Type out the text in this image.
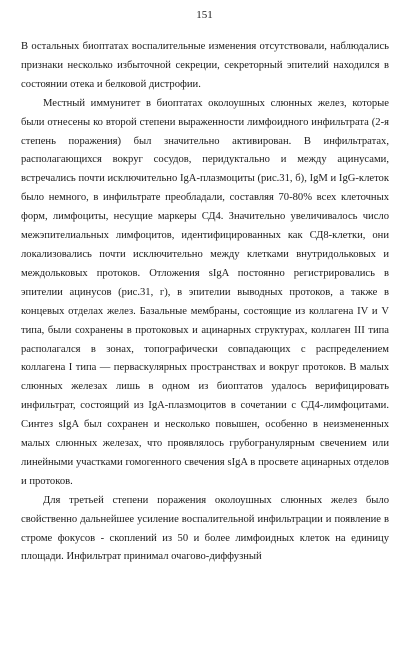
151

В остальных биоптатах воспалительные изменения отсутствовали, наблюдались признаки несколько избыточной секреции, секреторный эпителий находился в состоянии отека и белковой дистрофии.

Местный иммунитет в биоптатах околоушных слюнных желез, которые были отнесены ко второй степени выраженности лимфоидного инфильтрата (2-я степень поражения) был значительно активирован. В инфильтратах, располагающихся вокруг сосудов, перидуктально и между ацинусами, встречались почти исключительно IgA-плазмоциты (рис.31, б), IgM и IgG-клеток было немного, в инфильтрате преобладали, составляя 70-80% всех клеточных форм, лимфоциты, несущие маркеры СД4. Значительно увеличивалось число межэпителиальных лимфоцитов, идентифицированных как СД8-клетки, они локализовались почти исключительно между клетками внутридольковых и междольковых протоков. Отложения sIgA постоянно регистрировались в эпителии ацинусов (рис.31, г), в эпителии выводных протоков, а также в концевых отделах желез. Базальные мембраны, состоящие из коллагена IV и V типа, были сохранены в протоковых и ацинарных структурах, коллаген III типа располагался в зонах, топографически совпадающих с распределением коллагена I типа — перваскулярных пространствах и вокруг протоков. В малых слюнных железах лишь в одном из биоптатов удалось верифицировать инфильтрат, состоящий из IgA-плазмоцитов в сочетании с СД4-лимфоцитами. Синтез sIgA был сохранен и несколько повышен, особенно в неизмененных малых слюнных железах, что проявлялось грубогранулярным свечением или линейными участками гомогенного свечения sIgA в просвете ацинарных отделов и протоков.

Для третьей степени поражения околоушных слюнных желез было свойственно дальнейшее усиление воспалительной инфильтрации и появление в строме фокусов - скоплений из 50 и более лимфоидных клеток на единицу площади. Инфильтрат принимал очагово-диффузный
